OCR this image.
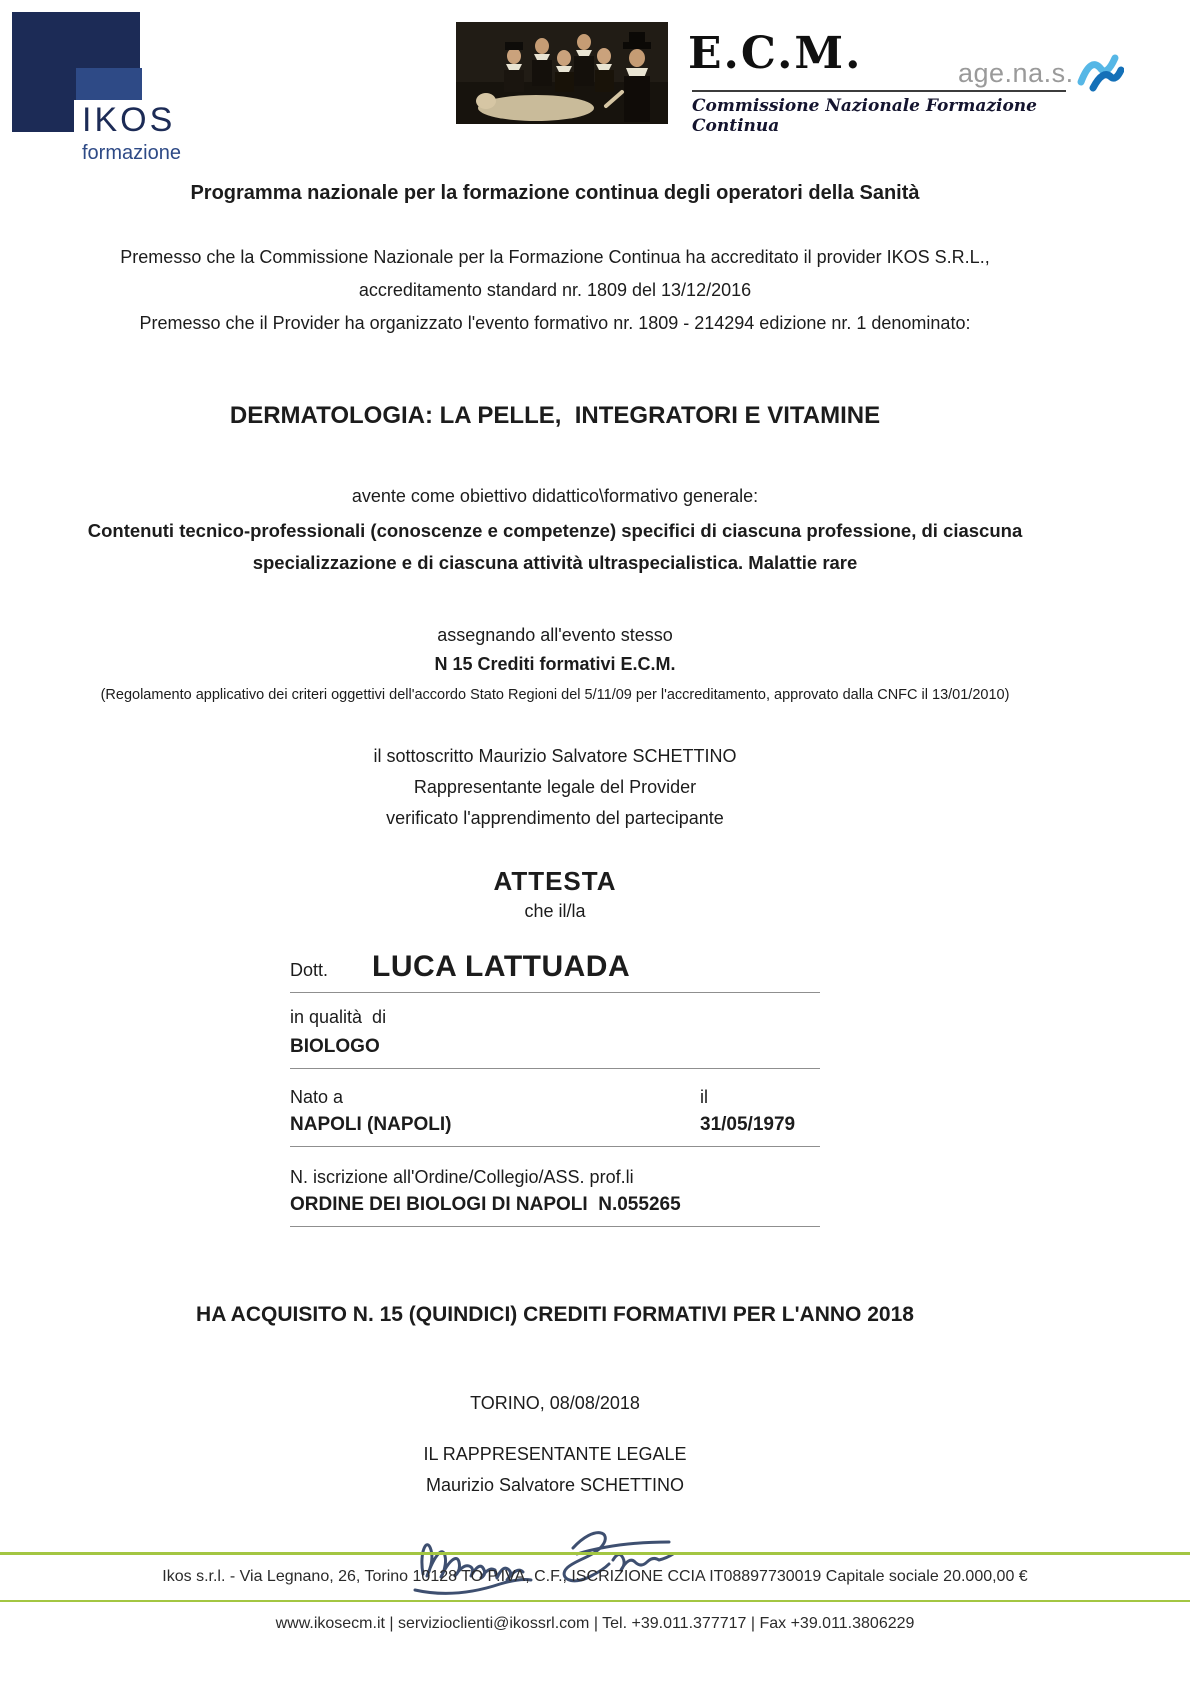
IKOS
formazione
E.C.M.
Commissione Nazionale Formazione Continua
age.na.s.
Programma nazionale per la formazione continua degli operatori della Sanità
Premesso che la Commissione Nazionale per la Formazione Continua ha accreditato il provider IKOS S.R.L.,
accreditamento standard nr. 1809 del 13/12/2016
Premesso che il Provider ha organizzato l'evento formativo nr. 1809 - 214294 edizione nr. 1 denominato:
DERMATOLOGIA: LA PELLE,  INTEGRATORI E VITAMINE
avente come obiettivo didattico\formativo generale:
Contenuti tecnico-professionali (conoscenze e competenze) specifici di ciascuna professione, di ciascuna specializzazione e di ciascuna attività ultraspecialistica. Malattie rare
assegnando all'evento stesso
N 15 Crediti formativi E.C.M.
(Regolamento applicativo dei criteri oggettivi dell'accordo Stato Regioni del 5/11/09 per l'accreditamento, approvato dalla CNFC il 13/01/2010)
il sottoscritto Maurizio Salvatore SCHETTINO
Rappresentante legale del Provider
verificato l'apprendimento del partecipante
ATTESTA
che il/la
Dott. LUCA LATTUADA
in qualità  di
BIOLOGO
Nato a	il
NAPOLI (NAPOLI)	31/05/1979
N. iscrizione all'Ordine/Collegio/ASS. prof.li
ORDINE DEI BIOLOGI DI NAPOLI  N.055265
HA ACQUISITO N. 15 (QUINDICI) CREDITI FORMATIVI PER L'ANNO 2018
TORINO, 08/08/2018
IL RAPPRESENTANTE LEGALE
Maurizio Salvatore SCHETTINO
Ikos s.r.l. - Via Legnano, 26, Torino 10128 TO P.IVA, C.F., ISCRIZIONE CCIA IT08897730019 Capitale sociale 20.000,00 €
www.ikosecm.it | servizioclienti@ikossrl.com | Tel. +39.011.377717 | Fax +39.011.3806229
